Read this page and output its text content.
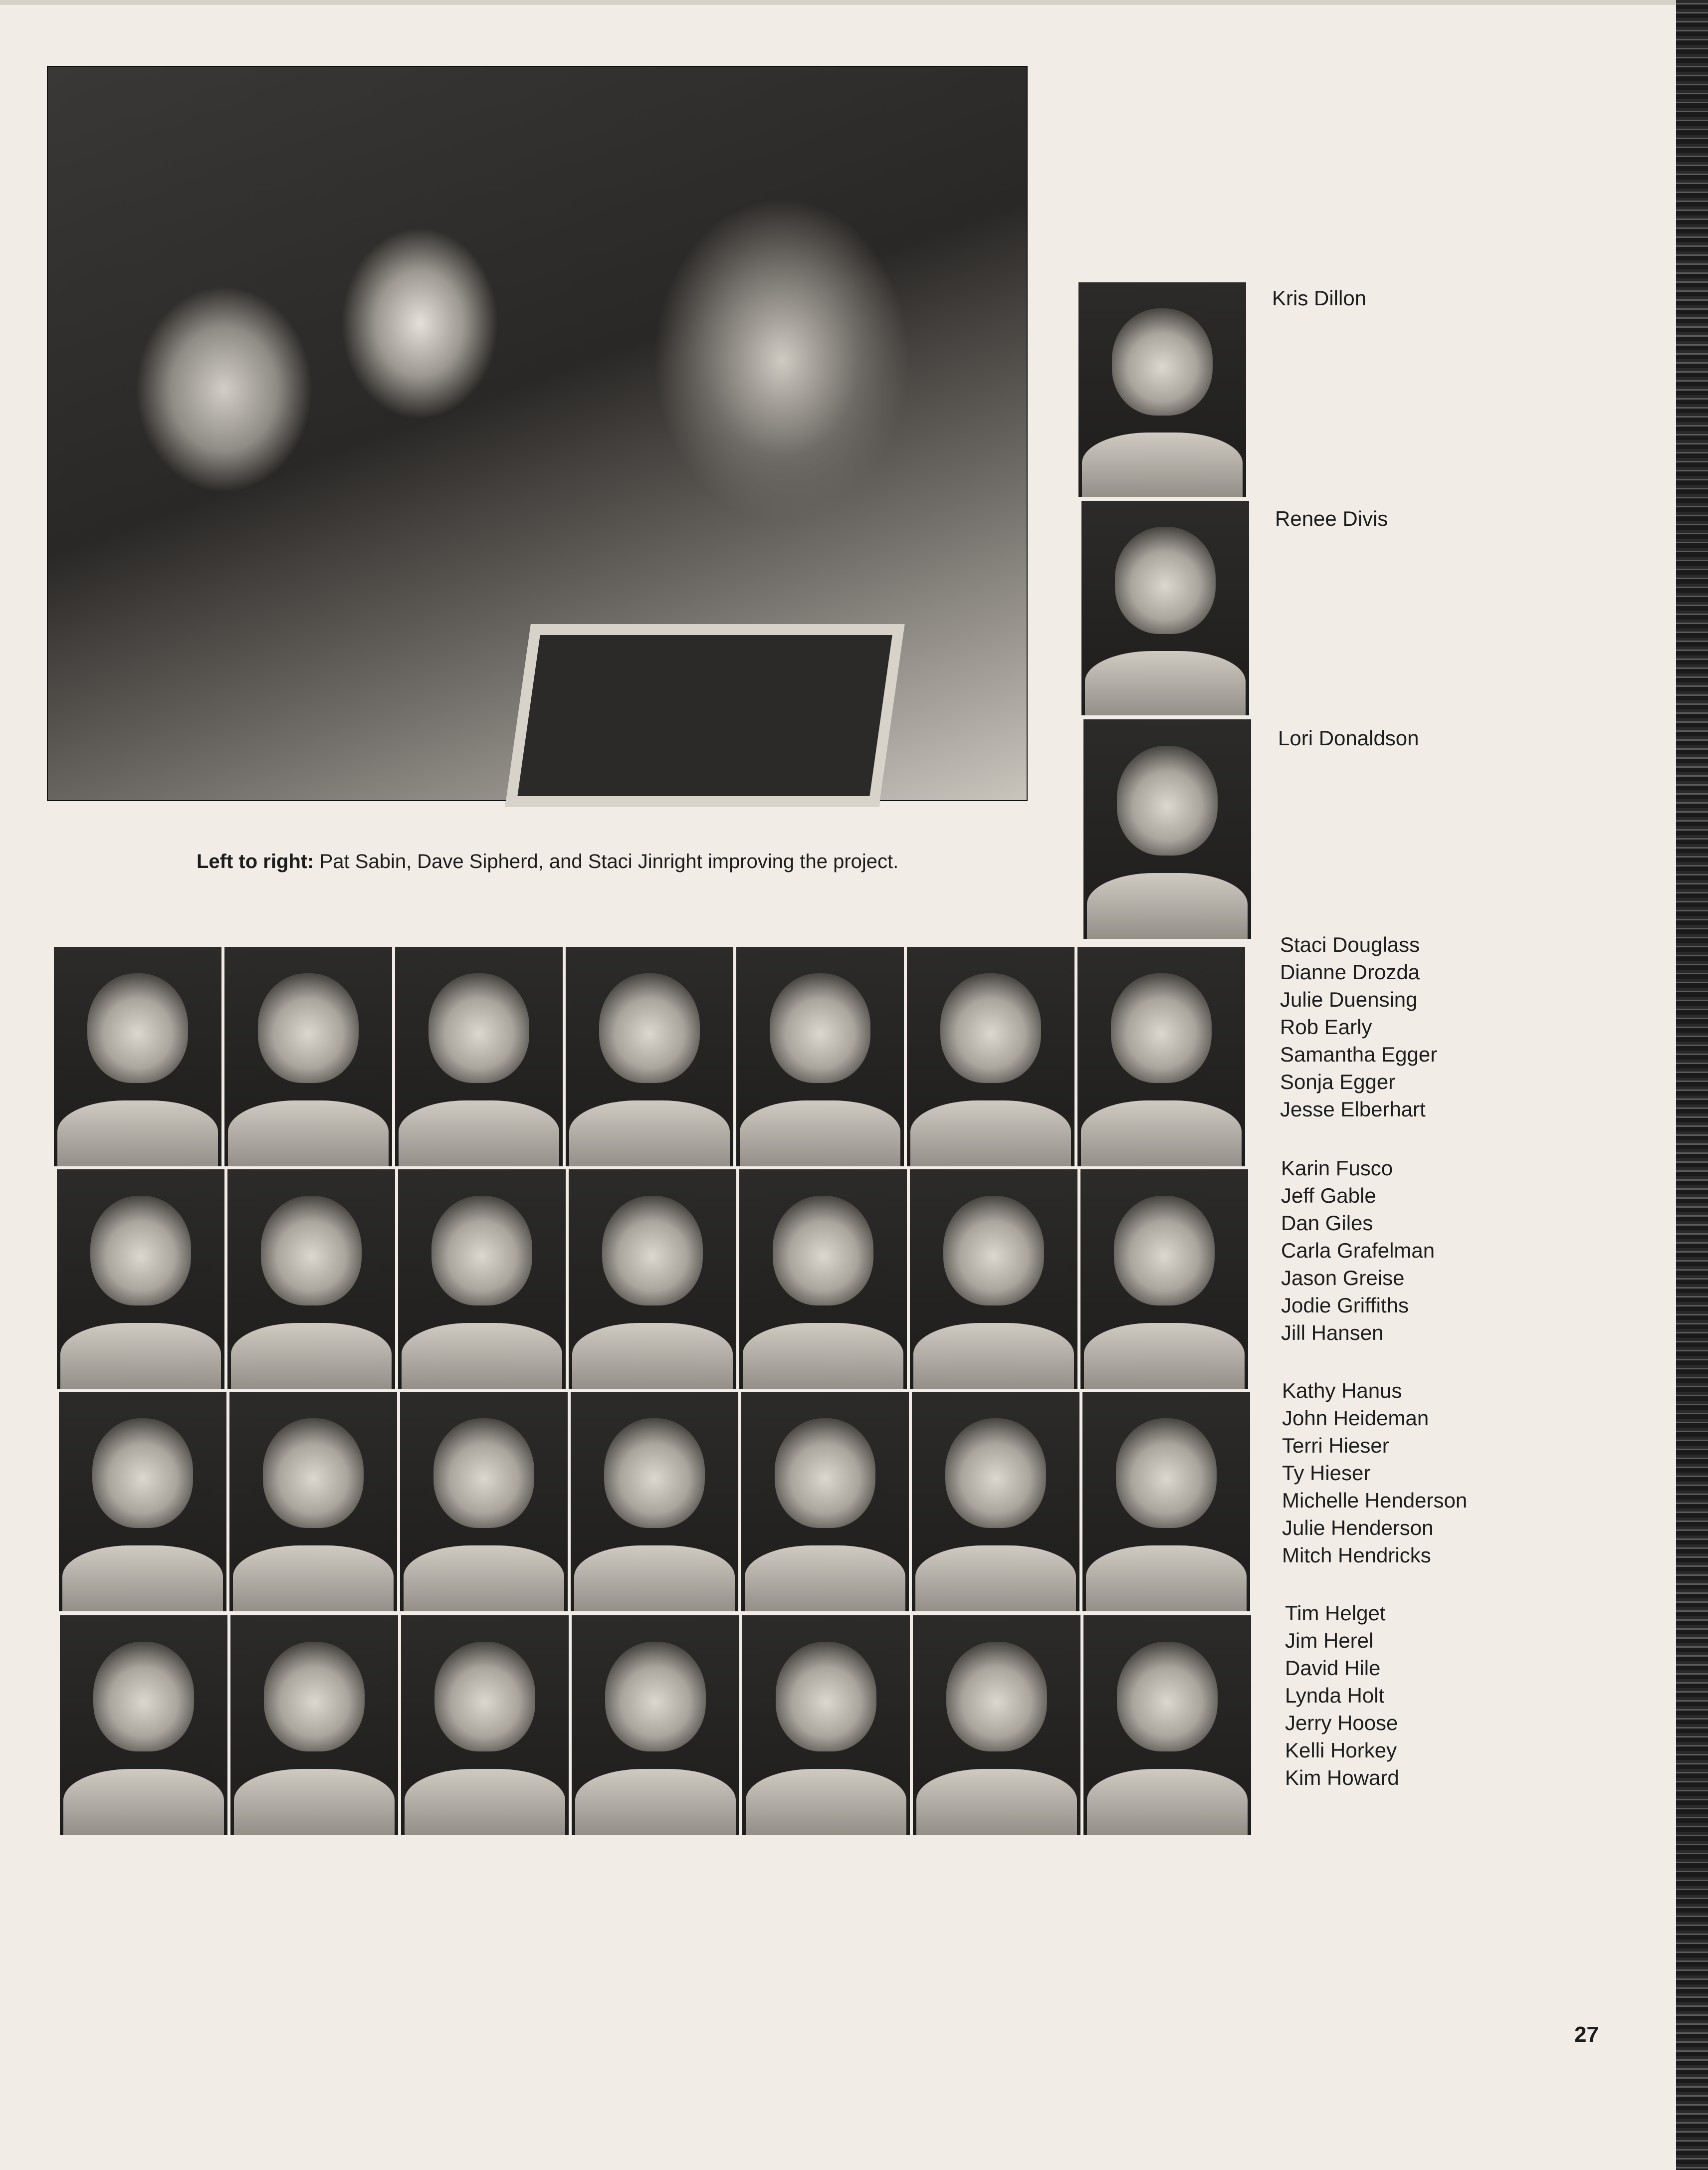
Left to right: Pat Sabin, Dave Sipherd, and Staci Jinright improving the project.
Kris Dillon
Renee Divis
Lori Donaldson
Staci Douglass
Dianne Drozda
Julie Duensing
Rob Early
Samantha Egger
Sonja Egger
Jesse Elberhart
Karin Fusco
Jeff Gable
Dan Giles
Carla Grafelman
Jason Greise
Jodie Griffiths
Jill Hansen
Kathy Hanus
John Heideman
Terri Hieser
Ty Hieser
Michelle Henderson
Julie Henderson
Mitch Hendricks
Tim Helget
Jim Herel
David Hile
Lynda Holt
Jerry Hoose
Kelli Horkey
Kim Howard
27
